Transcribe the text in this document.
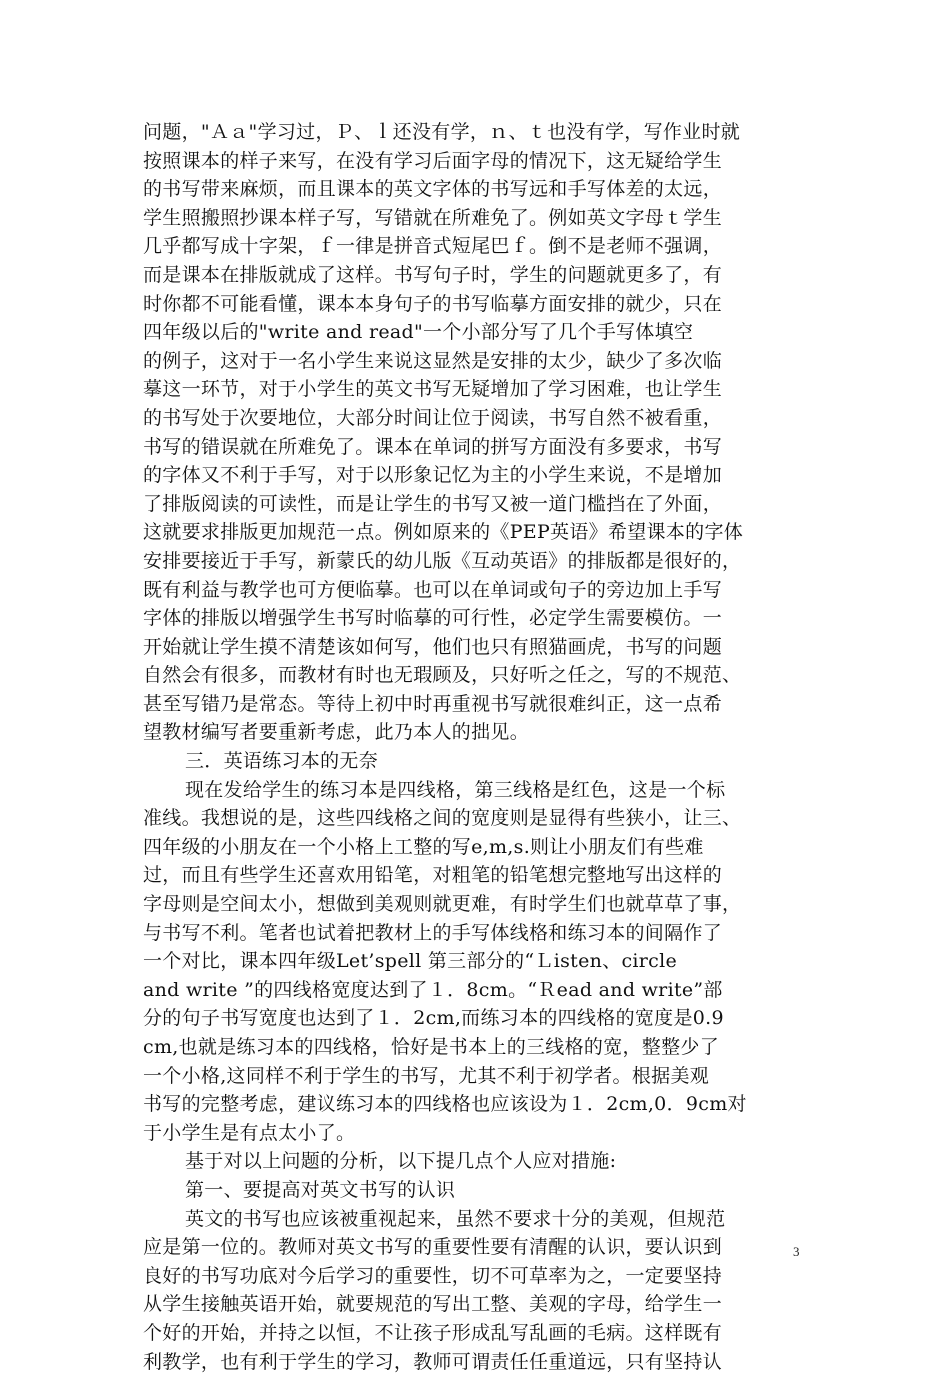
问题，"Ａａ"学习过，Ｐ、ｌ还没有学，ｎ、ｔ也没有学，写作业时就
按照课本的样子来写，在没有学习后面字母的情况下，这无疑给学生
的书写带来麻烦，而且课本的英文字体的书写远和手写体差的太远，
学生照搬照抄课本样子写，写错就在所难免了。例如英文字母ｔ学生
几乎都写成十字架，ｆ一律是拼音式短尾巴ｆ。倒不是老师不强调，
而是课本在排版就成了这样。书写句子时，学生的问题就更多了，有
时你都不可能看懂，课本本身句子的书写临摹方面安排的就少，只在
四年级以后的"write and read"一个小部分写了几个手写体填空
的例子，这对于一名小学生来说这显然是安排的太少，缺少了多次临
摹这一环节，对于小学生的英文书写无疑增加了学习困难，也让学生
的书写处于次要地位，大部分时间让位于阅读，书写自然不被看重，
书写的错误就在所难免了。课本在单词的拼写方面没有多要求，书写
的字体又不利于手写，对于以形象记忆为主的小学生来说，不是增加
了排版阅读的可读性，而是让学生的书写又被一道门槛挡在了外面，
这就要求排版更加规范一点。例如原来的《PEP英语》希望课本的字体
安排要接近于手写，新蒙氏的幼儿版《互动英语》的排版都是很好的，
既有利益与教学也可方便临摹。也可以在单词或句子的旁边加上手写
字体的排版以增强学生书写时临摹的可行性，必定学生需要模仿。一
开始就让学生摸不清楚该如何写，他们也只有照猫画虎，书写的问题
自然会有很多，而教材有时也无瑕顾及，只好听之任之，写的不规范、
甚至写错乃是常态。等待上初中时再重视书写就很难纠正，这一点希
望教材编写者要重新考虑，此乃本人的拙见。
三．英语练习本的无奈
现在发给学生的练习本是四线格，第三线格是红色，这是一个标
准线。我想说的是，这些四线格之间的宽度则是显得有些狭小，让三、
四年级的小朋友在一个小格上工整的写e,m,s.则让小朋友们有些难
过，而且有些学生还喜欢用铅笔，对粗笔的铅笔想完整地写出这样的
字母则是空间太小，想做到美观则就更难，有时学生们也就草草了事，
与书写不利。笔者也试着把教材上的手写体线格和练习本的间隔作了
一个对比，课本四年级Let’spell 第三部分的“Ｌisten、circle
and write ”的四线格宽度达到了１．8cm。“Ｒead and write”部
分的句子书写宽度也达到了１．2cm,而练习本的四线格的宽度是0.9
cm,也就是练习本的四线格，恰好是书本上的三线格的宽，整整少了
一个小格,这同样不利于学生的书写，尤其不利于初学者。根据美观
书写的完整考虑，建议练习本的四线格也应该设为１．2cm,0．9cm对
于小学生是有点太小了。
基于对以上问题的分析，以下提几点个人应对措施:
第一、要提高对英文书写的认识
英文的书写也应该被重视起来，虽然不要求十分的美观，但规范
应是第一位的。教师对英文书写的重要性要有清醒的认识，要认识到
良好的书写功底对今后学习的重要性，切不可草率为之，一定要坚持
从学生接触英语开始，就要规范的写出工整、美观的字母，给学生一
个好的开始，并持之以恒，不让孩子形成乱写乱画的毛病。这样既有
利教学，也有利于学生的学习，教师可谓责任任重道远，只有坚持认
3
